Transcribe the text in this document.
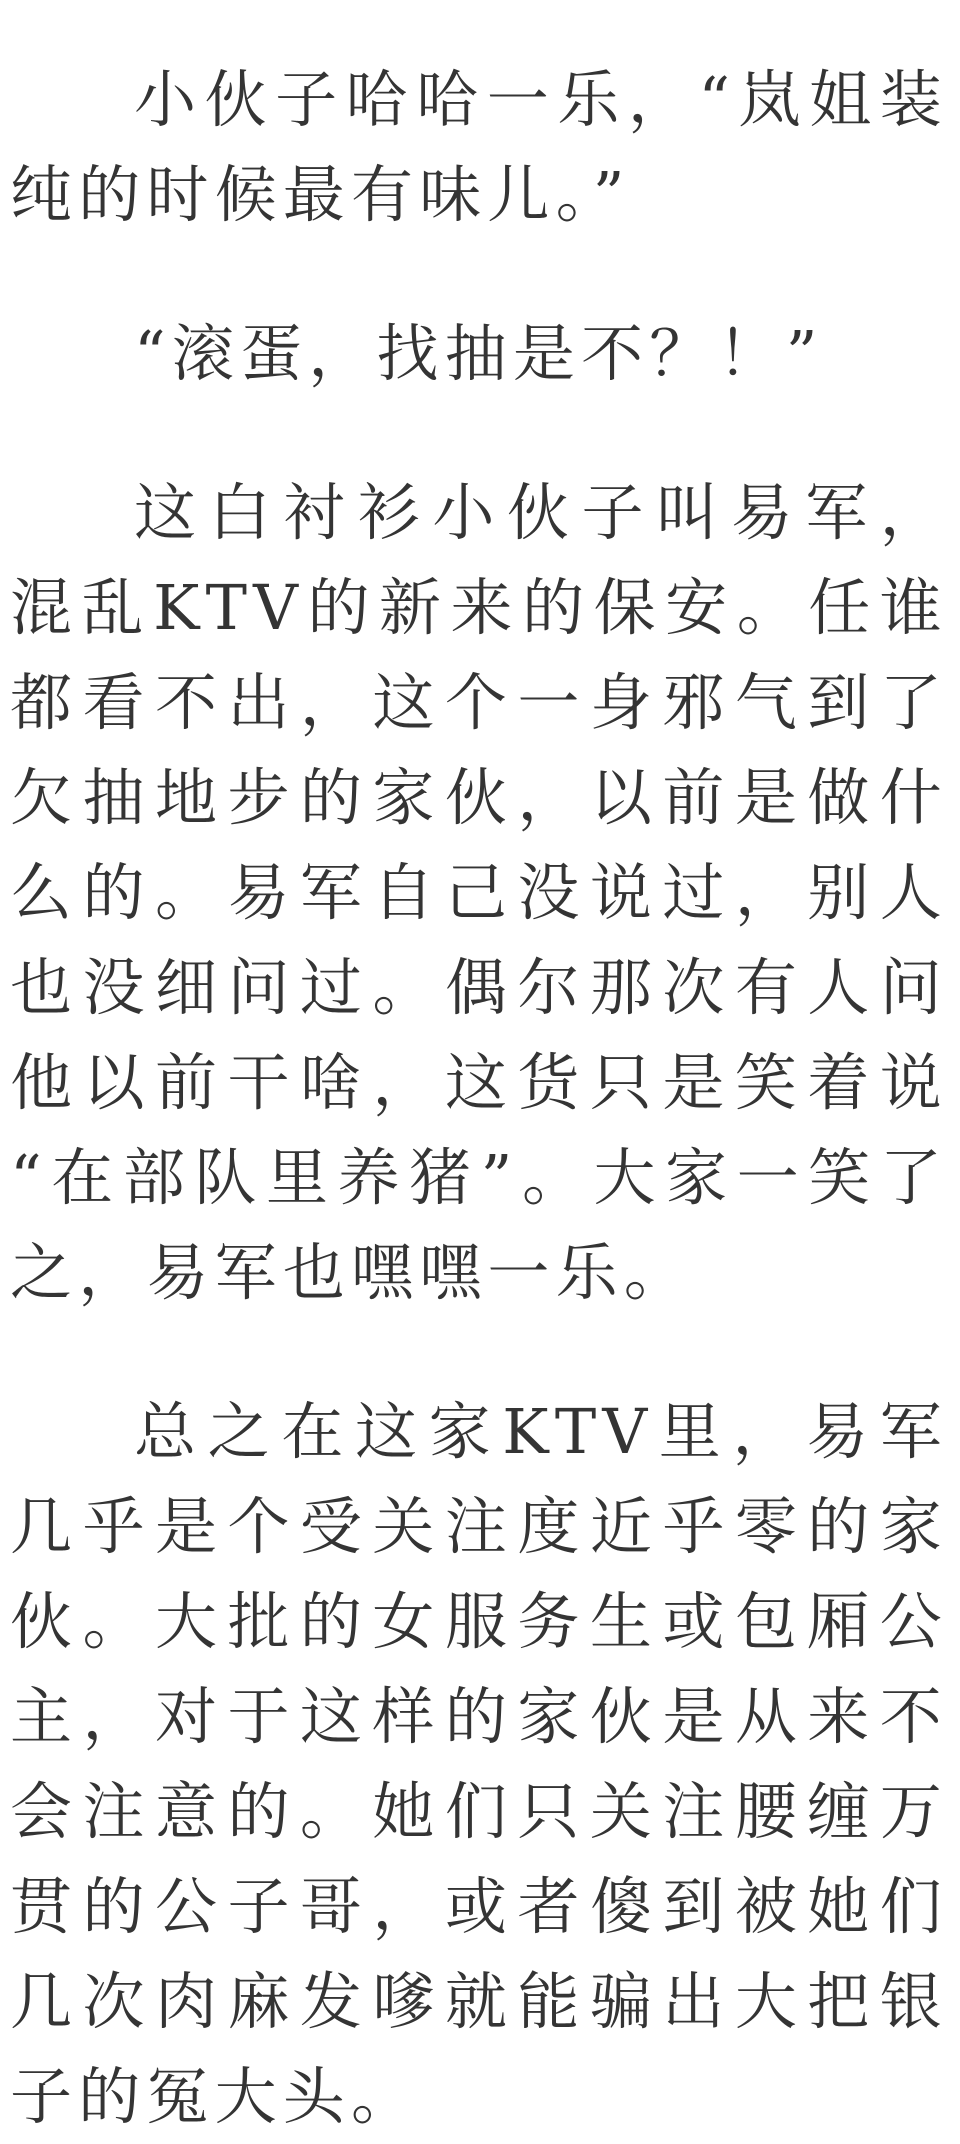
小伙子哈哈一乐，“岚姐装纯的时候最有味儿。”

“滚蛋，找抽是不？！”

这白衬衫小伙子叫易军，混乱KTV的新来的保安。任谁都看不出，这个一身邪气到了欠抽地步的家伙，以前是做什么的。易军自己没说过，别人也没细问过。偶尔那次有人问他以前干啥，这货只是笑着说“在部队里养猪”。大家一笑了之，易军也嘿嘿一乐。

总之在这家KTV里，易军几乎是个受关注度近乎零的家伙。大批的女服务生或包厢公主，对于这样的家伙是从来不会注意的。她们只关注腰缠万贯的公子哥，或者傻到被她们几次肉麻发嗲就能骗出大把银子的冤大头。
